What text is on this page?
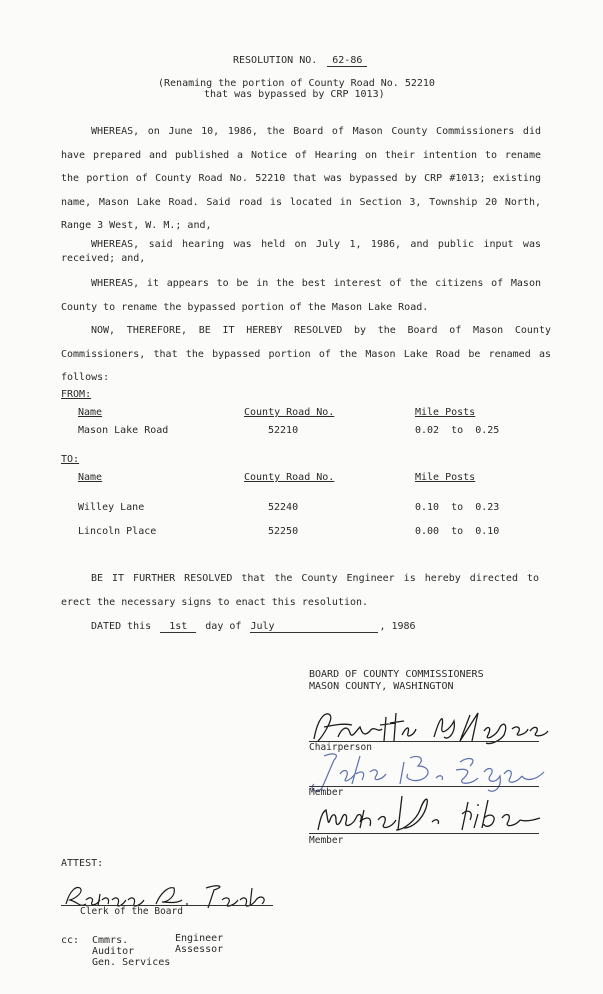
RESOLUTION NO. 62-86
(Renaming the portion of County Road No. 52210
that was bypassed by CRP 1013)

WHEREAS, on June 10, 1986, the Board of Mason County Commissioners did have prepared and published a Notice of Hearing on their intention to rename the portion of County Road No. 52210 that was bypassed by CRP #1013; existing name, Mason Lake Road. Said road is located in Section 3, Township 20 North, Range 3 West, W. M.; and,

WHEREAS, said hearing was held on July 1, 1986, and public input was received; and,

WHEREAS, it appears to be in the best interest of the citizens of Mason County to rename the bypassed portion of the Mason Lake Road.

NOW, THEREFORE, BE IT HEREBY RESOLVED by the Board of Mason County Commissioners, that the bypassed portion of the Mason Lake Road be renamed as follows:

FROM:
Name	County Road No.	Mile Posts
Mason Lake Road	52210	0.02 to 0.25
TO:
Name	County Road No.	Mile Posts
Willey Lane	52240	0.10 to 0.23
Lincoln Place	52250	0.00 to 0.10

BE IT FURTHER RESOLVED that the County Engineer is hereby directed to erect the necessary signs to enact this resolution.

DATED this 1st day of July	, 1986
BOARD OF COUNTY COMMISSIONERS
MASON COUNTY, WASHINGTON
Chairperson
Member
Member
ATTEST:
Clerk of the Board
cc: Cmmrs.
Auditor
Gen. Services
Engineer
Assessor
